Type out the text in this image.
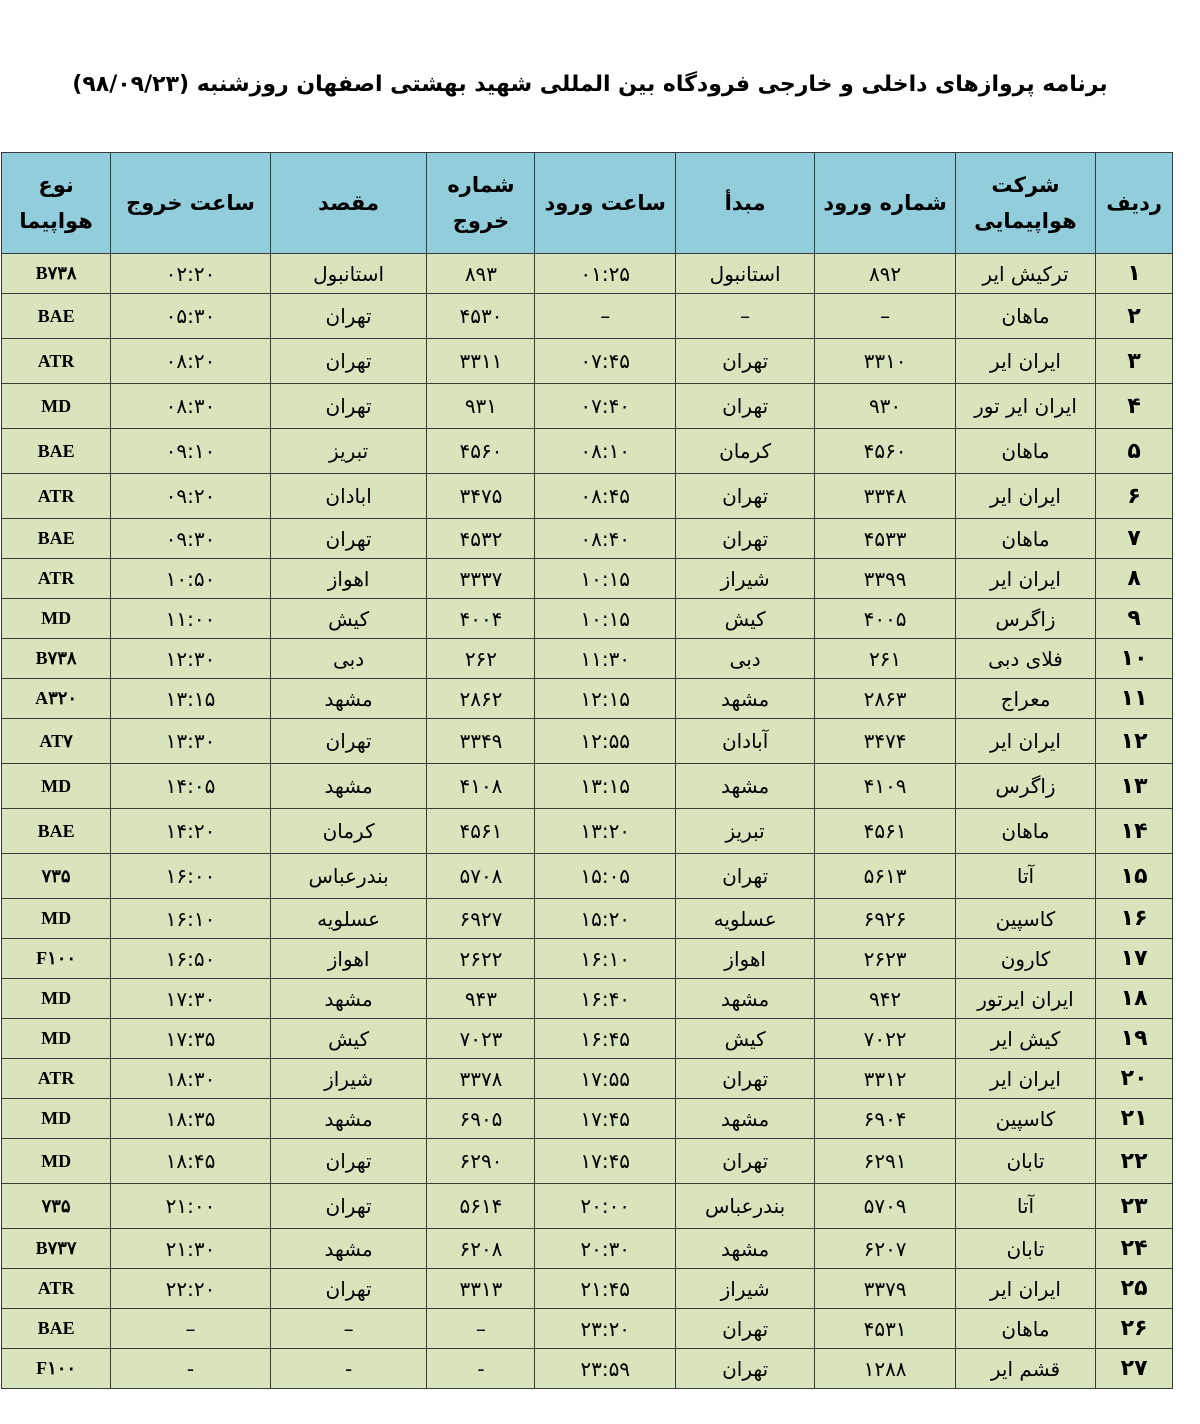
برنامه پروازهای داخلی و خارجی فرودگاه بین المللی شهید بهشتی اصفهان روزشنبه (۹۸/۰۹/۲۳)
ردیف	شرکت هواپیمایی	شماره ورود	مبدأ	ساعت ورود	شماره خروج	مقصد	ساعت خروج	نوع هواپیما
۱	ترکیش ایر	۸۹۲	استانبول	۰۱:۲۵	۸۹۳	استانبول	۰۲:۲۰	B۷۳۸
۲	ماهان	–	–	–	۴۵۳۰	تهران	۰۵:۳۰	BAE
۳	ایران ایر	۳۳۱۰	تهران	۰۷:۴۵	۳۳۱۱	تهران	۰۸:۲۰	ATR
۴	ایران ایر تور	۹۳۰	تهران	۰۷:۴۰	۹۳۱	تهران	۰۸:۳۰	MD
۵	ماهان	۴۵۶۰	کرمان	۰۸:۱۰	۴۵۶۰	تبریز	۰۹:۱۰	BAE
۶	ایران ایر	۳۳۴۸	تهران	۰۸:۴۵	۳۴۷۵	ابادان	۰۹:۲۰	ATR
۷	ماهان	۴۵۳۳	تهران	۰۸:۴۰	۴۵۳۲	تهران	۰۹:۳۰	BAE
۸	ایران ایر	۳۳۹۹	شیراز	۱۰:۱۵	۳۳۳۷	اهواز	۱۰:۵۰	ATR
۹	زاگرس	۴۰۰۵	کیش	۱۰:۱۵	۴۰۰۴	کیش	۱۱:۰۰	MD
۱۰	فلای دبی	۲۶۱	دبی	۱۱:۳۰	۲۶۲	دبی	۱۲:۳۰	B۷۳۸
۱۱	معراج	۲۸۶۳	مشهد	۱۲:۱۵	۲۸۶۲	مشهد	۱۳:۱۵	A۳۲۰
۱۲	ایران ایر	۳۴۷۴	آبادان	۱۲:۵۵	۳۳۴۹	تهران	۱۳:۳۰	AT۷
۱۳	زاگرس	۴۱۰۹	مشهد	۱۳:۱۵	۴۱۰۸	مشهد	۱۴:۰۵	MD
۱۴	ماهان	۴۵۶۱	تبریز	۱۳:۲۰	۴۵۶۱	کرمان	۱۴:۲۰	BAE
۱۵	آتا	۵۶۱۳	تهران	۱۵:۰۵	۵۷۰۸	بندرعباس	۱۶:۰۰	۷۳۵
۱۶	کاسپین	۶۹۲۶	عسلویه	۱۵:۲۰	۶۹۲۷	عسلویه	۱۶:۱۰	MD
۱۷	کارون	۲۶۲۳	اهواز	۱۶:۱۰	۲۶۲۲	اهواز	۱۶:۵۰	F۱۰۰
۱۸	ایران ایرتور	۹۴۲	مشهد	۱۶:۴۰	۹۴۳	مشهد	۱۷:۳۰	MD
۱۹	کیش ایر	۷۰۲۲	کیش	۱۶:۴۵	۷۰۲۳	کیش	۱۷:۳۵	MD
۲۰	ایران ایر	۳۳۱۲	تهران	۱۷:۵۵	۳۳۷۸	شیراز	۱۸:۳۰	ATR
۲۱	کاسپین	۶۹۰۴	مشهد	۱۷:۴۵	۶۹۰۵	مشهد	۱۸:۳۵	MD
۲۲	تابان	۶۲۹۱	تهران	۱۷:۴۵	۶۲۹۰	تهران	۱۸:۴۵	MD
۲۳	آتا	۵۷۰۹	بندرعباس	۲۰:۰۰	۵۶۱۴	تهران	۲۱:۰۰	۷۳۵
۲۴	تابان	۶۲۰۷	مشهد	۲۰:۳۰	۶۲۰۸	مشهد	۲۱:۳۰	B۷۳۷
۲۵	ایران ایر	۳۳۷۹	شیراز	۲۱:۴۵	۳۳۱۳	تهران	۲۲:۲۰	ATR
۲۶	ماهان	۴۵۳۱	تهران	۲۳:۲۰	–	–	–	BAE
۲۷	قشم ایر	۱۲۸۸	تهران	۲۳:۵۹	-	-	-	F۱۰۰
